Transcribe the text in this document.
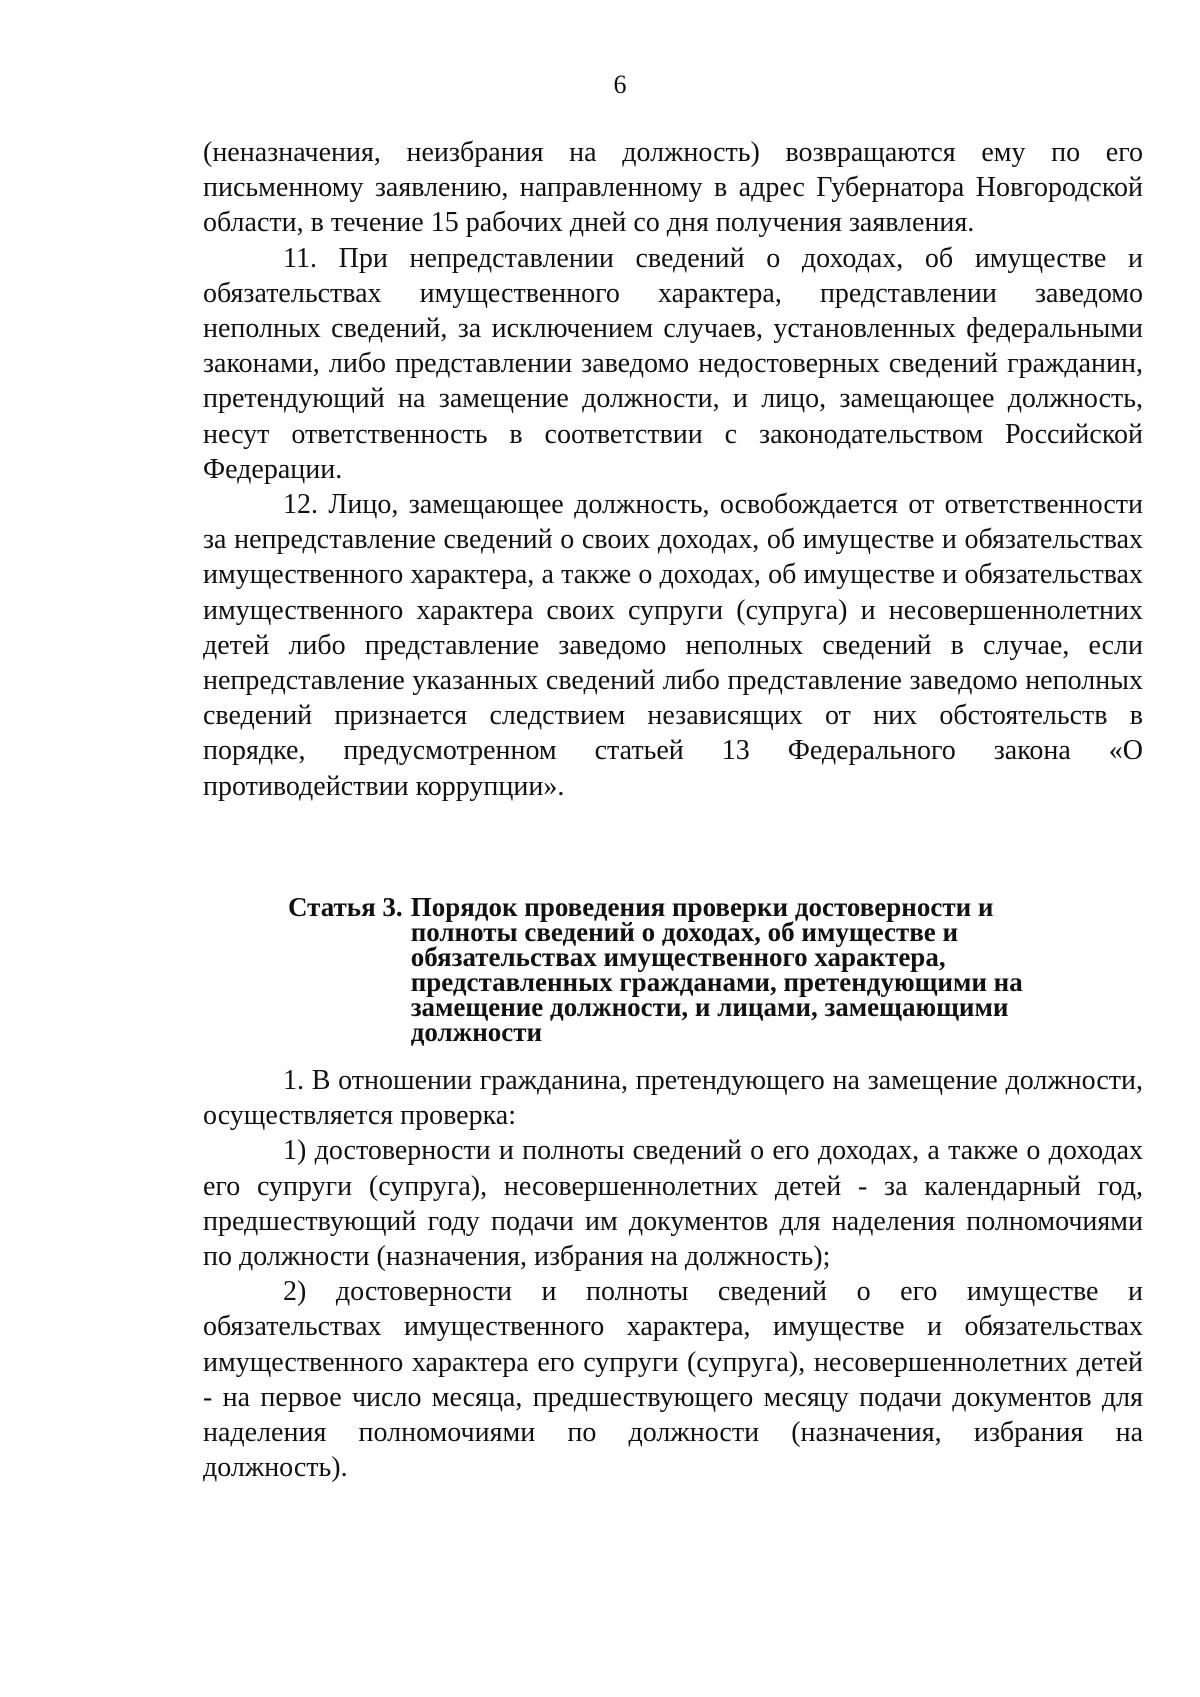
6

(неназначения, неизбрания на должность) возвращаются ему по его письменному заявлению, направленному в адрес Губернатора Новгородской области, в течение 15 рабочих дней со дня получения заявления.

11. При непредставлении сведений о доходах, об имуществе и обязательствах имущественного характера, представлении заведомо неполных сведений, за исключением случаев, установленных федеральными законами, либо представлении заведомо недостоверных сведений гражданин, претендующий на замещение должности, и лицо, замещающее должность, несут ответственность в соответствии с законодательством Российской Федерации.

12. Лицо, замещающее должность, освобождается от ответственности за непредставление сведений о своих доходах, об имуществе и обязательствах имущественного характера, а также о доходах, об имуществе и обязательствах имущественного характера своих супруги (супруга) и несовершеннолетних детей либо представление заведомо неполных сведений в случае, если непредставление указанных сведений либо представление заведомо неполных сведений признается следствием независящих от них обстоятельств в порядке, предусмотренном статьей 13 Федерального закона «О противодействии коррупции».

Статья 3. Порядок проведения проверки достоверности и полноты сведений о доходах, об имуществе и обязательствах имущественного характера, представленных гражданами, претендующими на замещение должности, и лицами, замещающими должности

1. В отношении гражданина, претендующего на замещение должности, осуществляется проверка:

1) достоверности и полноты сведений о его доходах, а также о доходах его супруги (супруга), несовершеннолетних детей - за календарный год, предшествующий году подачи им документов для наделения полномочиями по должности (назначения, избрания на должность);

2) достоверности и полноты сведений о его имуществе и обязательствах имущественного характера, имуществе и обязательствах имущественного характера его супруги (супруга), несовершеннолетних детей - на первое число месяца, предшествующего месяцу подачи документов для наделения полномочиями по должности (назначения, избрания на должность).
